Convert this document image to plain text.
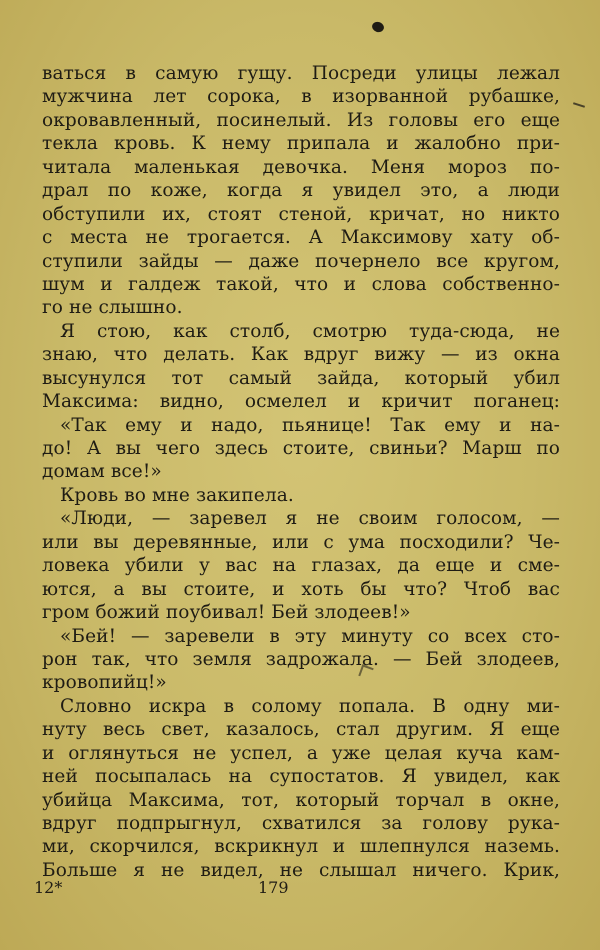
ваться в самую гущу. Посреди улицы лежал
мужчина лет сорока, в изорванной рубашке,
окровавленный, посинелый. Из головы его еще
текла кровь. К нему припала и жалобно при-
читала маленькая девочка. Меня мороз по-
драл по коже, когда я увидел это, а люди
обступили их, стоят стеной, кричат, но никто
с места не трогается. А Максимову хату об-
ступили зайды — даже почернело все кругом,
шум и галдеж такой, что и слова собственно-
го не слышно.
Я стою, как столб, смотрю туда-сюда, не
знаю, что делать. Как вдруг вижу — из окна
высунулся тот самый зайда, который убил
Максима: видно, осмелел и кричит поганец:
«Так ему и надо, пьянице! Так ему и на-
до! А вы чего здесь стоите, свиньи? Марш по
домам все!»
Кровь во мне закипела.
«Люди, — заревел я не своим голосом, —
или вы деревянные, или с ума посходили? Че-
ловека убили у вас на глазах, да еще и сме-
ются, а вы стоите, и хоть бы что? Чтоб вас
гром божий поубивал! Бей злодеев!»
«Бей! — заревели в эту минуту со всех сто-
рон так, что земля задрожала. — Бей злодеев,
кровопийц!»
Словно искра в солому попала. В одну ми-
нуту весь свет, казалось, стал другим. Я еще
и оглянуться не успел, а уже целая куча кам-
ней посыпалась на супостатов. Я увидел, как
убийца Максима, тот, который торчал в окне,
вдруг подпрыгнул, схватился за голову рука-
ми, скорчился, вскрикнул и шлепнулся наземь.
Больше я не видел, не слышал ничего. Крик,
12*	179
